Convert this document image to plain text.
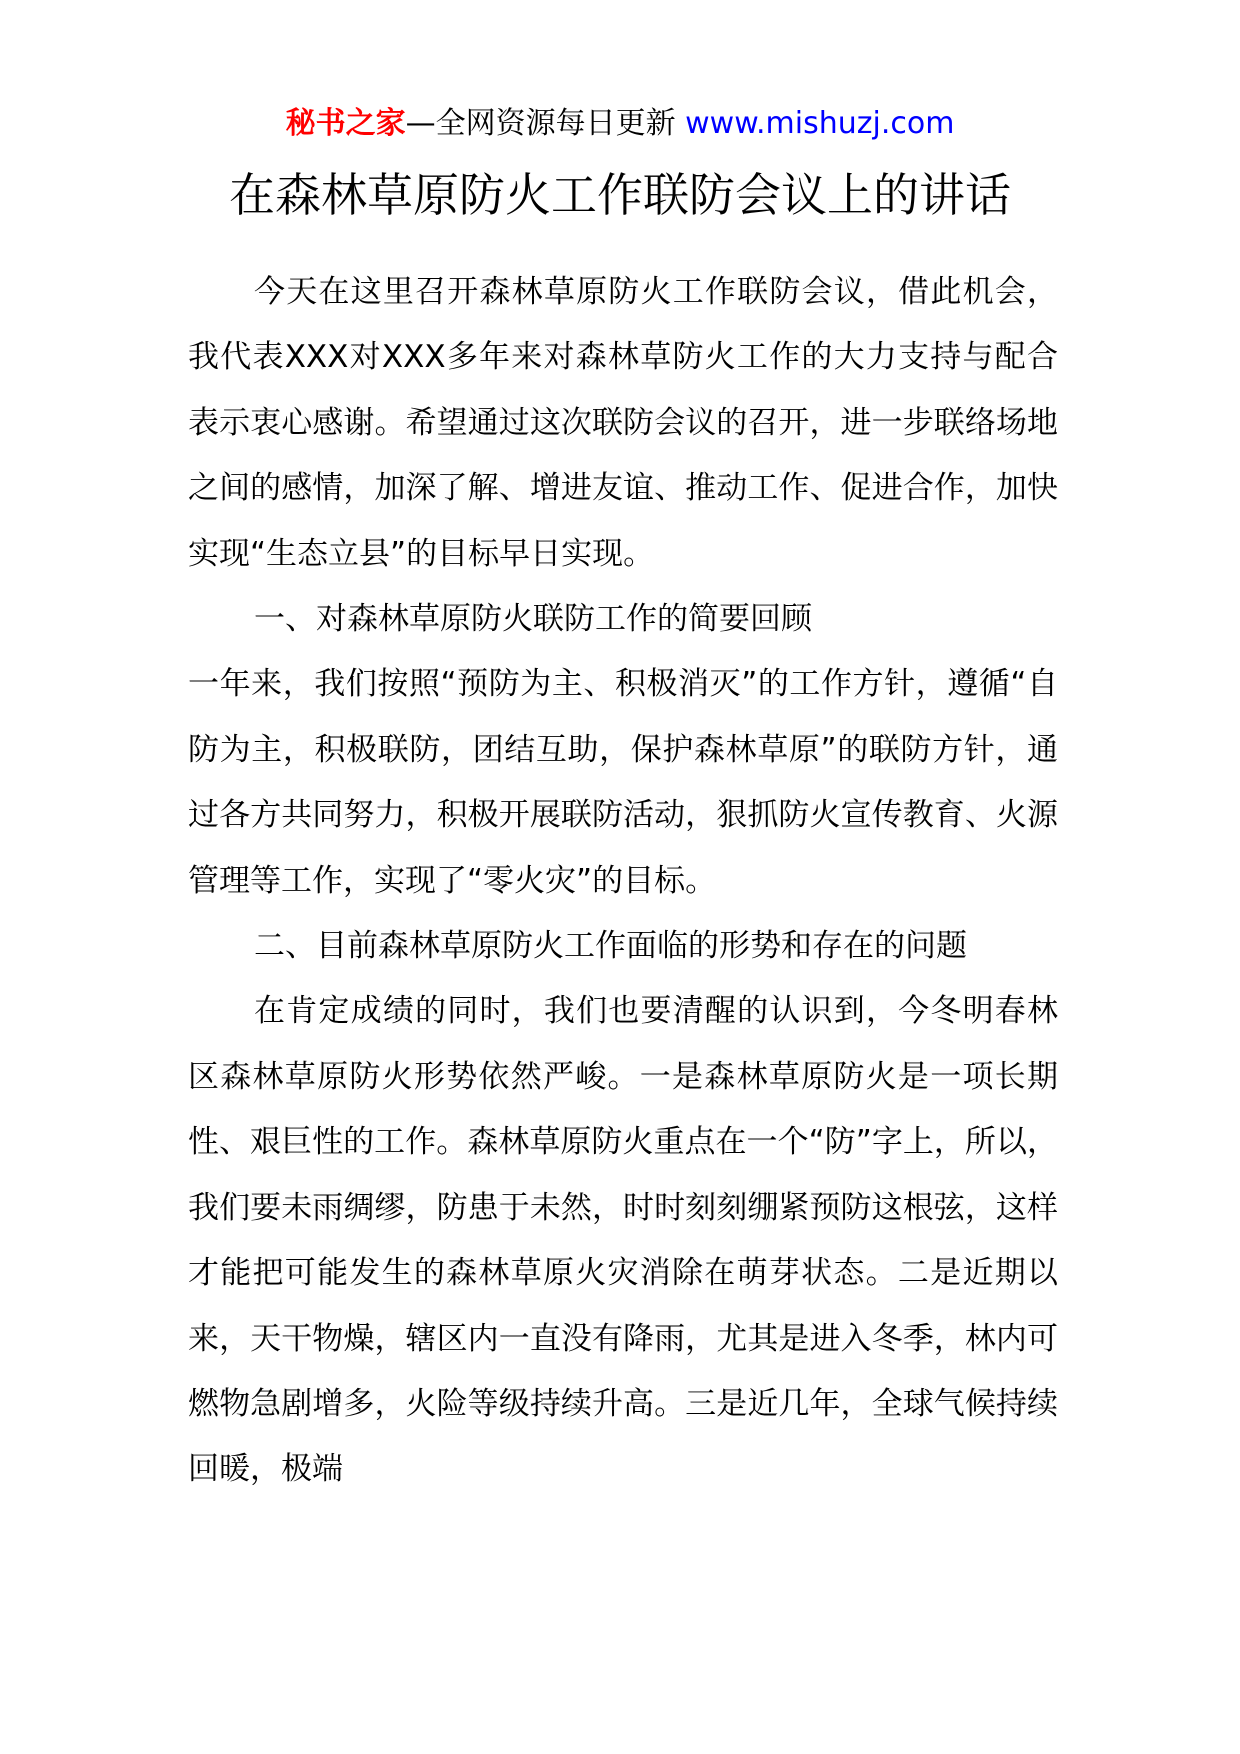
秘书之家—全网资源每日更新 www.mishuzj.com
在森林草原防火工作联防会议上的讲话

今天在这里召开森林草原防火工作联防会议，借此机会，我代表XXX对XXX多年来对森林草防火工作的大力支持与配合表示衷心感谢。希望通过这次联防会议的召开，进一步联络场地之间的感情，加深了解、增进友谊、推动工作、促进合作，加快实现“生态立县”的目标早日实现。

一、对森林草原防火联防工作的简要回顾

一年来，我们按照“预防为主、积极消灭”的工作方针，遵循“自防为主，积极联防，团结互助，保护森林草原”的联防方针，通过各方共同努力，积极开展联防活动，狠抓防火宣传教育、火源管理等工作，实现了“零火灾”的目标。

二、目前森林草原防火工作面临的形势和存在的问题

在肯定成绩的同时，我们也要清醒的认识到，今冬明春林区森林草原防火形势依然严峻。一是森林草原防火是一项长期性、艰巨性的工作。森林草原防火重点在一个“防”字上，所以，我们要未雨绸缪，防患于未然，时时刻刻绷紧预防这根弦，这样才能把可能发生的森林草原火灾消除在萌芽状态。二是近期以来，天干物燥，辖区内一直没有降雨，尤其是进入冬季，林内可燃物急剧增多，火险等级持续升高。三是近几年，全球气候持续回暖，极端
